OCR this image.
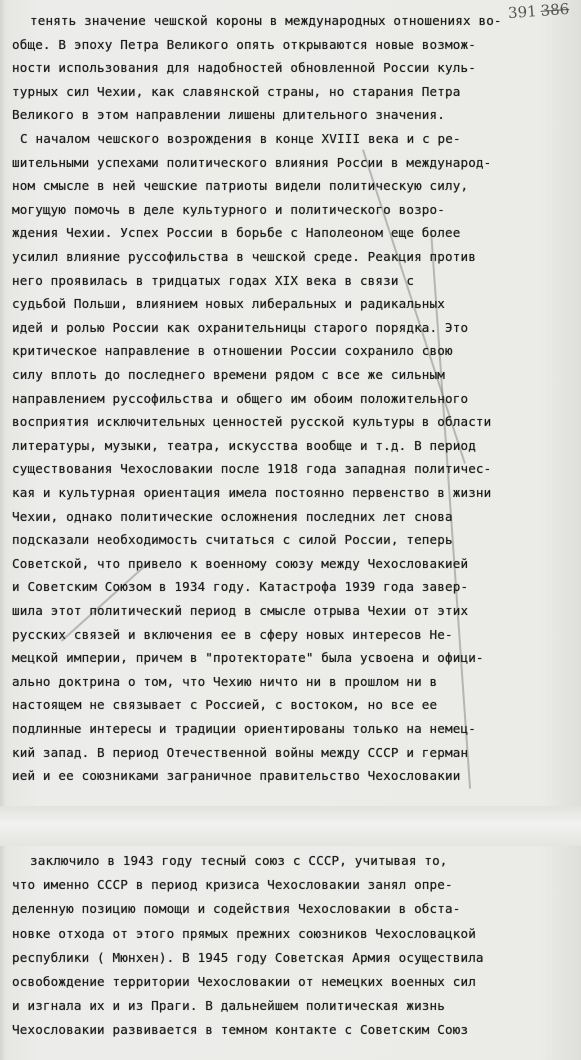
391 386
тенять значение чешской короны в международных отношениях во-
обще. В эпоху Петра Великого опять открываются новые возмож-
ности использования для надобностей обновленной России куль-
турных сил Чехии, как славянской страны, но старания Петра
Великого в этом направлении лишены длительного значения.
С началом чешского возрождения в конце XVIII века и с ре-
шительными успехами политического влияния России в международ-
ном смысле в ней чешские патриоты видели политическую силу,
могущую помочь в деле культурного и политического возро-
ждения Чехии. Успех России в борьбе с Наполеоном еще более
усилил влияние руссофильства в чешской среде. Реакция против
него проявилась в тридцатых годах XIX века в связи с
судьбой Польши, влиянием новых либеральных и радикальных
идей и ролью России как охранительницы старого порядка. Это
критическое направление в отношении России сохранило свою
силу вплоть до последнего времени рядом с все же сильным
направлением руссофильства и общего им обоим положительного
восприятия исключительных ценностей русской культуры в области
литературы, музыки, театра, искусства вообще и т.д. В период
существования Чехословакии после 1918 года западная политичес-
кая и культурная ориентация имела постоянно первенство в жизни
Чехии, однако политические осложнения последних лет снова
подсказали необходимость считаться с силой России, теперь
Советской, что привело к военному союзу между Чехословакией
и Советским Союзом в 1934 году. Катастрофа 1939 года завер-
шила этот политический период в смысле отрыва Чехии от этих
русских связей и включения ее в сферу новых интересов Не-
мецкой империи, причем в "протекторате" была усвоена и офици-
ально доктрина о том, что Чехию ничто ни в прошлом ни в
настоящем не связывает с Россией, с востоком, но все ее
подлинные интересы и традиции ориентированы только на немец-
кий запад. В период Отечественной войны между СССР и герман
ией и ее союзниками заграничное правительство Чехословакии
заключило в 1943 году тесный союз с СССР, учитывая то,
что именно СССР в период кризиса Чехословакии занял опре-
деленную позицию помощи и содействия Чехословакии в обста-
новке отхода от этого прямых прежних союзников Чехословацкой
республики ( Мюнхен). В 1945 году Советская Армия осуществила
освобождение территории Чехословакии от немецких военных сил
и изгнала их и из Праги. В дальнейшем политическая жизнь
Чехословакии развивается в темном контакте с Советским Союз
